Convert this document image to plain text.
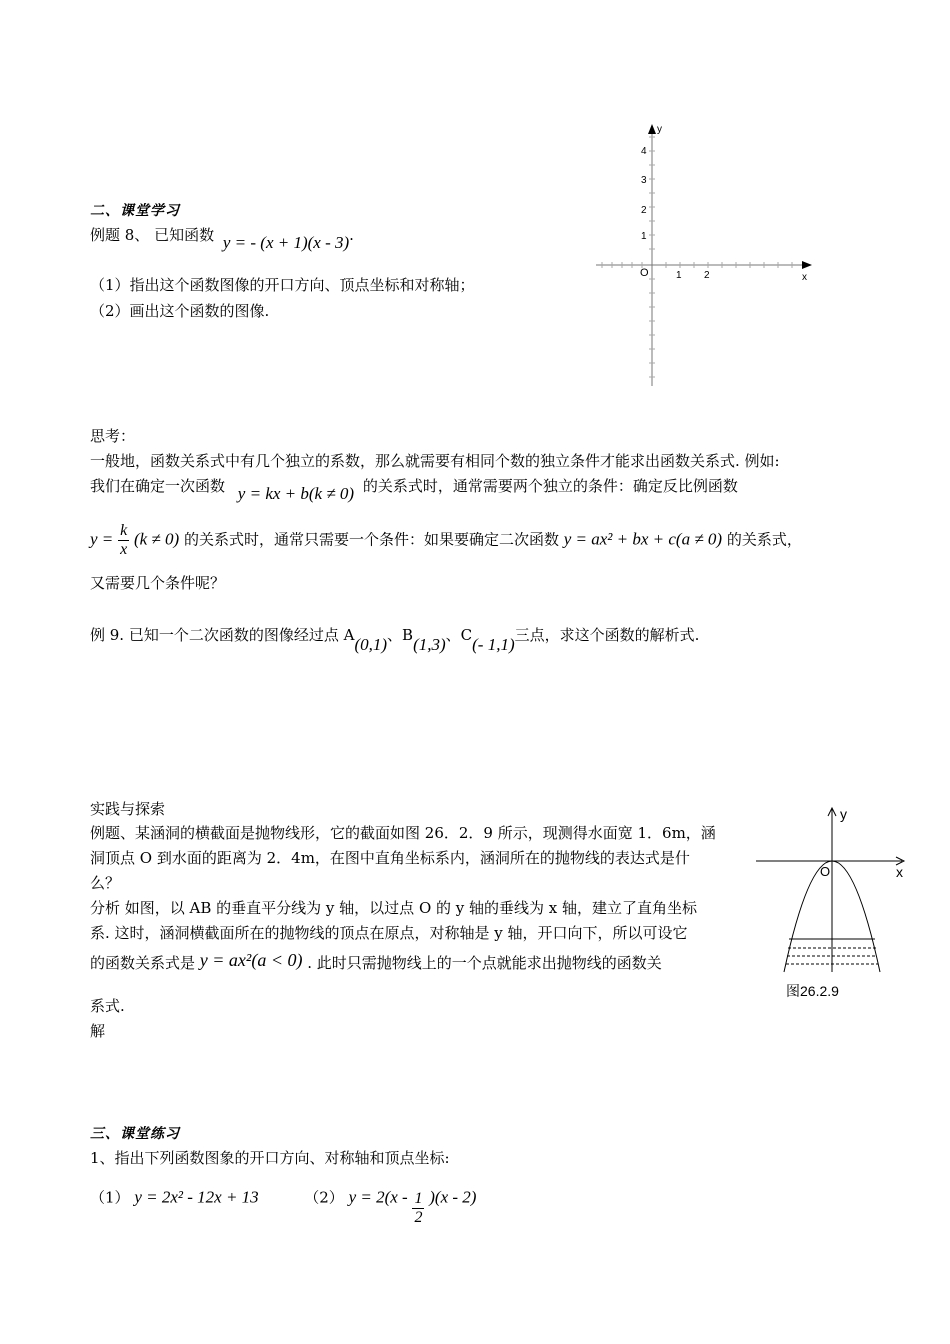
二、课堂学习
例题 8、 已知函数 y = - (x + 1)(x - 3).
（1）指出这个函数图像的开口方向、顶点坐标和对称轴；
（2）画出这个函数的图像.
y
x
O
1
2
3
4
1 2
思考：
一般地，函数关系式中有几个独立的系数，那么就需要有相同个数的独立条件才能求出函数关系式. 例如:
我们在确定一次函数 y = kx + b(k ≠ 0) 的关系式时，通常需要两个独立的条件：确定反比例函数
$y = \frac{k}{x} (k \ne 0)$ 的关系式时，通常只需要一个条件：如果要确定二次函数 y = ax² + bx + c(a ≠ 0) 的关系式，
又需要几个条件呢？
例 9. 已知一个二次函数的图像经过点 A(0,1)、B(1,3)、C(- 1,1)三点，求这个函数的解析式.
实践与探索
例题、某涵洞的横截面是抛物线形，它的截面如图 26．2．9 所示，现测得水面宽 1．6m，涵
洞顶点 O 到水面的距离为 2．4m，在图中直角坐标系内，涵洞所在的抛物线的表达式是什
么？
分析 如图，以 AB 的垂直平分线为 y 轴，以过点 O 的 y 轴的垂线为 x 轴，建立了直角坐标
系. 这时，涵洞横截面所在的抛物线的顶点在原点，对称轴是 y 轴，开口向下，所以可设它
的函数关系式是 y = ax²(a < 0) . 此时只需抛物线上的一个点就能求出抛物线的函数关
系式.
解
y
x
O
图26.2.9
三、课堂练习
1、指出下列函数图象的开口方向、对称轴和顶点坐标:
（1） y = 2x² - 12x + 13	（2） $y = 2(x - \frac{1}{2} )(x - 2)$
